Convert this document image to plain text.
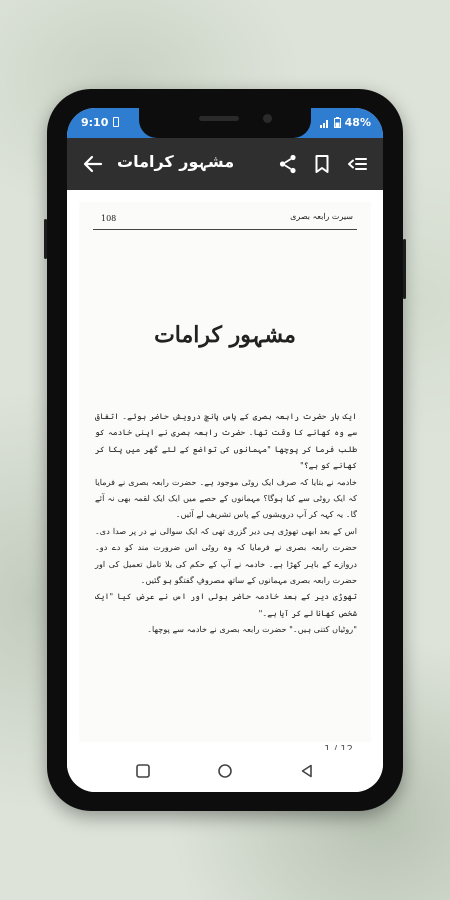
9:10	48%
مشہور کرامات
سیرت رابعہ بصری
108
مشہور کرامات

ایک بار حضرت رابعہ بصری کے پاس پانچ درویش حاضر ہوئے۔ اتفاق سے وہ کھانے کا وقت تھا۔ حضرت رابعہ بصری نے اپنی خادمہ کو طلب فرما کر پوچھا "مہمانوں کی تواضع کے لئے گھر میں پکا کر کھانے کو ہے؟"

خادمہ نے بتایا کہ صرف ایک روٹی موجود ہے۔ حضرت رابعہ بصری نے فرمایا کہ ایک روٹی سے کیا ہوگا؟ مہمانوں کے حصے میں ایک ایک لقمہ بھی نہ آئے گا۔ یہ کہہ کر آپ درویشوں کے پاس تشریف لے آئیں۔

اس کے بعد ابھی تھوڑی ہی دیر گزری تھی کہ ایک سوالی نے در پر صدا دی۔ حضرت رابعہ بصری نے فرمایا کہ وہ روٹی اس ضرورت مند کو دے دو۔ دروازے کے باہر کھڑا ہے۔ خادمہ نے آپ کے حکم کی بلا تامل تعمیل کی اور حضرت رابعہ بصری مہمانوں کے ساتھ مصروفِ گفتگو ہو گئیں۔

تھوڑی دیر کے بعد خادمہ حاضر ہوئی اور اس نے عرض کیا "ایک شخص کھانا لے کر آیا ہے۔"

"روٹیاں کتنی ہیں۔" حضرت رابعہ بصری نے خادمہ سے پوچھا۔
